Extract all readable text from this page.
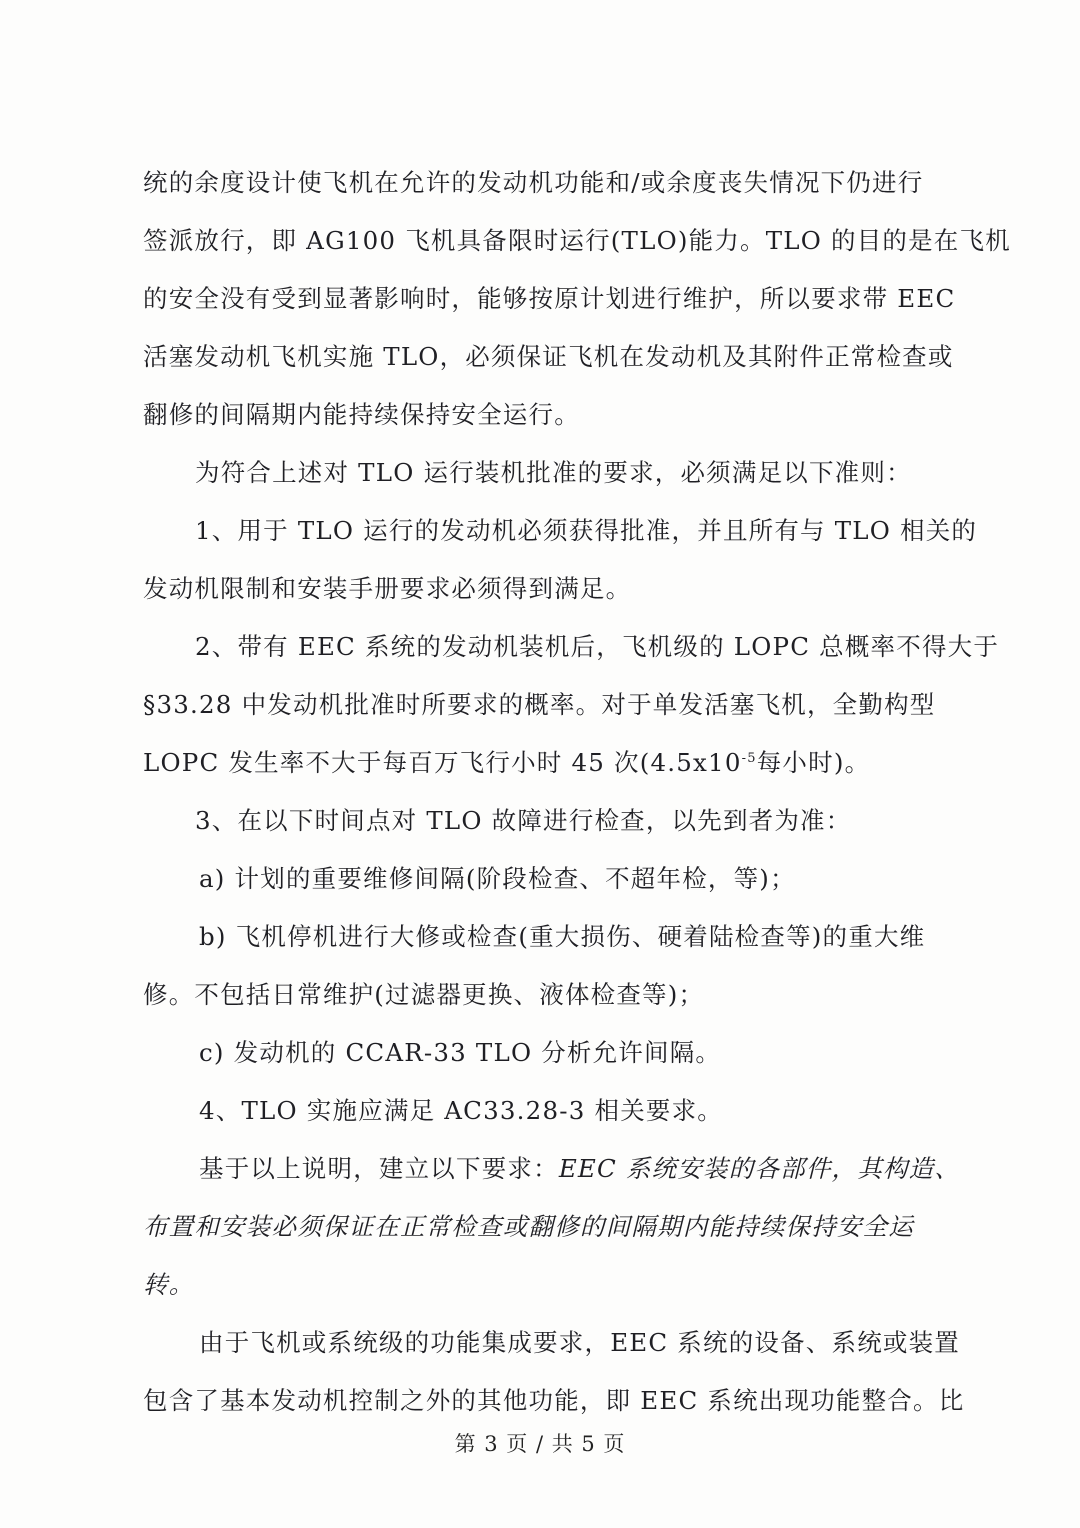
统的余度设计使飞机在允许的发动机功能和/或余度丧失情况下仍进行
签派放行，即 AG100 飞机具备限时运行(TLO)能力。TLO 的目的是在飞机
的安全没有受到显著影响时，能够按原计划进行维护，所以要求带 EEC
活塞发动机飞机实施 TLO，必须保证飞机在发动机及其附件正常检查或
翻修的间隔期内能持续保持安全运行。
为符合上述对 TLO 运行装机批准的要求，必须满足以下准则：
1、用于 TLO 运行的发动机必须获得批准，并且所有与 TLO 相关的
发动机限制和安装手册要求必须得到满足。
2、带有 EEC 系统的发动机装机后，飞机级的 LOPC 总概率不得大于
§33.28 中发动机批准时所要求的概率。对于单发活塞飞机，全勤构型
LOPC 发生率不大于每百万飞行小时 45 次($4.5x10^{-5}$每小时)。
3、在以下时间点对 TLO 故障进行检查，以先到者为准：
a) 计划的重要维修间隔(阶段检查、不超年检，等)；
b) 飞机停机进行大修或检查(重大损伤、硬着陆检查等)的重大维
修。不包括日常维护(过滤器更换、液体检查等)；
c) 发动机的 CCAR-33 TLO 分析允许间隔。
4、TLO 实施应满足 AC33.28-3 相关要求。
基于以上说明，建立以下要求：EEC 系统安装的各部件，其构造、
布置和安装必须保证在正常检查或翻修的间隔期内能持续保持安全运
转。
由于飞机或系统级的功能集成要求，EEC 系统的设备、系统或装置
包含了基本发动机控制之外的其他功能，即 EEC 系统出现功能整合。比
第 3 页 / 共 5 页
